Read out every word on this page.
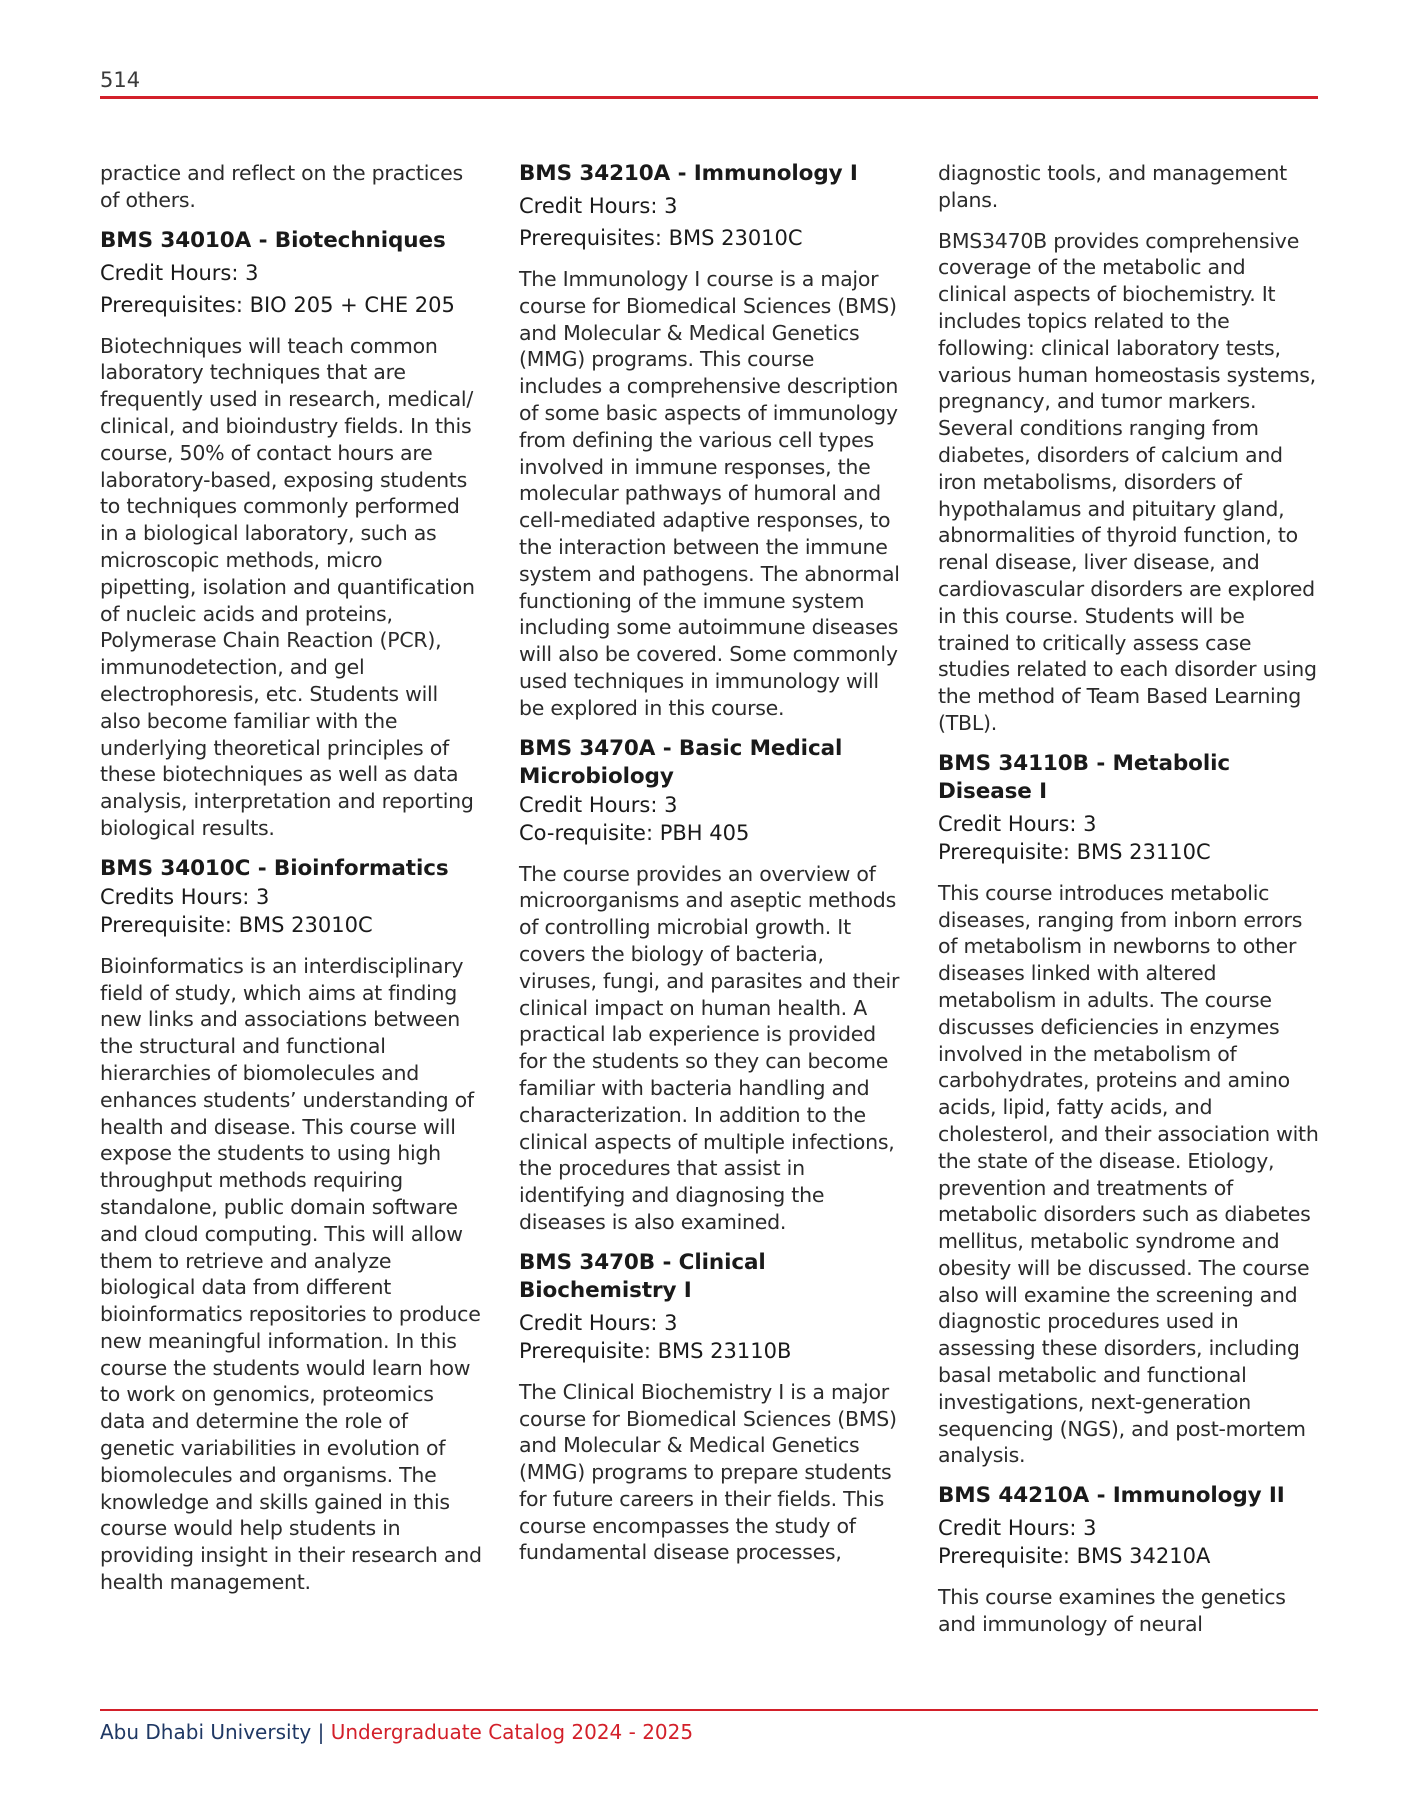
514

practice and reflect on the practices of others.

BMS 34010A - Biotechniques

Credit Hours: 3

Prerequisites: BIO 205 + CHE 205

Biotechniques will teach common laboratory techniques that are frequently used in research, medical/ clinical, and bioindustry fields. In this course, 50% of contact hours are laboratory-based, exposing students to techniques commonly performed in a biological laboratory, such as microscopic methods, micro pipetting, isolation and quantification of nucleic acids and proteins, Polymerase Chain Reaction (PCR), immunodetection, and gel electrophoresis, etc. Students will also become familiar with the underlying theoretical principles of these biotechniques as well as data analysis, interpretation and reporting biological results.

BMS 34010C - Bioinformatics

Credits Hours: 3

Prerequisite: BMS 23010C

Bioinformatics is an interdisciplinary field of study, which aims at finding new links and associations between the structural and functional hierarchies of biomolecules and enhances students’ understanding of health and disease. This course will expose the students to using high throughput methods requiring standalone, public domain software and cloud computing. This will allow them to retrieve and analyze biological data from different bioinformatics repositories to produce new meaningful information. In this course the students would learn how to work on genomics, proteomics data and determine the role of genetic variabilities in evolution of biomolecules and organisms. The knowledge and skills gained in this course would help students in providing insight in their research and health management.

BMS 34210A - Immunology I

Credit Hours: 3

Prerequisites: BMS 23010C

The Immunology I course is a major course for Biomedical Sciences (BMS) and Molecular & Medical Genetics (MMG) programs. This course includes a comprehensive description of some basic aspects of immunology from defining the various cell types involved in immune responses, the molecular pathways of humoral and cell-mediated adaptive responses, to the interaction between the immune system and pathogens. The abnormal functioning of the immune system including some autoimmune diseases will also be covered. Some commonly used techniques in immunology will be explored in this course.

BMS 3470A - Basic Medical Microbiology

Credit Hours: 3

Co-requisite: PBH 405

The course provides an overview of microorganisms and aseptic methods of controlling microbial growth. It covers the biology of bacteria, viruses, fungi, and parasites and their clinical impact on human health. A practical lab experience is provided for the students so they can become familiar with bacteria handling and characterization. In addition to the clinical aspects of multiple infections, the procedures that assist in identifying and diagnosing the diseases is also examined.

BMS 3470B - Clinical Biochemistry I

Credit Hours: 3

Prerequisite: BMS 23110B

The Clinical Biochemistry I is a major course for Biomedical Sciences (BMS) and Molecular & Medical Genetics (MMG) programs to prepare students for future careers in their fields. This course encompasses the study of fundamental disease processes,

diagnostic tools, and management plans.

BMS3470B provides comprehensive coverage of the metabolic and clinical aspects of biochemistry. It includes topics related to the following: clinical laboratory tests, various human homeostasis systems, pregnancy, and tumor markers. Several conditions ranging from diabetes, disorders of calcium and iron metabolisms, disorders of hypothalamus and pituitary gland, abnormalities of thyroid function, to renal disease, liver disease, and cardiovascular disorders are explored in this course. Students will be trained to critically assess case studies related to each disorder using the method of Team Based Learning (TBL).

BMS 34110B - Metabolic Disease I

Credit Hours: 3

Prerequisite: BMS 23110C

This course introduces metabolic diseases, ranging from inborn errors of metabolism in newborns to other diseases linked with altered metabolism in adults. The course discusses deficiencies in enzymes involved in the metabolism of carbohydrates, proteins and amino acids, lipid, fatty acids, and cholesterol, and their association with the state of the disease. Etiology, prevention and treatments of metabolic disorders such as diabetes mellitus, metabolic syndrome and obesity will be discussed. The course also will examine the screening and diagnostic procedures used in assessing these disorders, including basal metabolic and functional investigations, next-generation sequencing (NGS), and post-mortem analysis.

BMS 44210A - Immunology II

Credit Hours: 3

Prerequisite: BMS 34210A

This course examines the genetics and immunology of neural

Abu Dhabi University | Undergraduate Catalog 2024 - 2025
